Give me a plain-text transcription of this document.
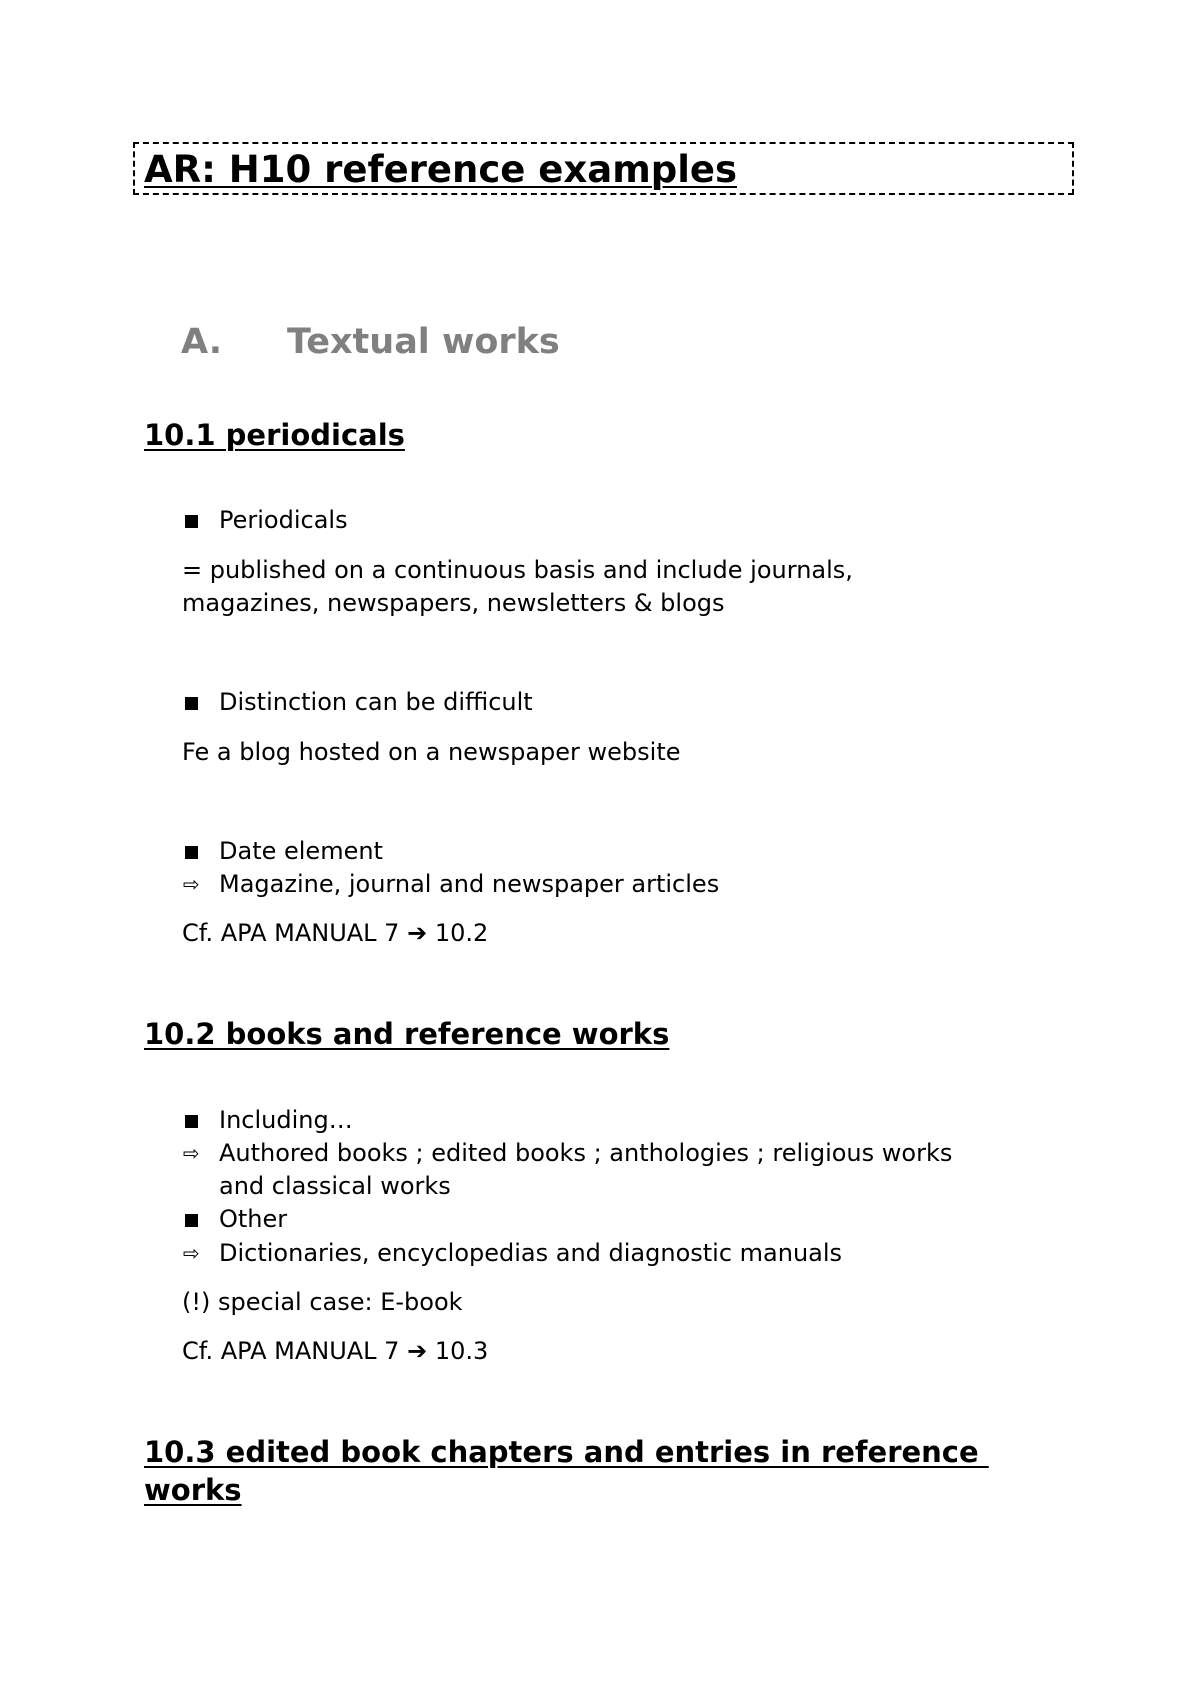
AR: H10 reference examples
A. Textual works
10.1 periodicals
Periodicals
= published on a continuous basis and include journals,
magazines, newspapers, newsletters & blogs
Distinction can be difficult
Fe a blog hosted on a newspaper website
Date element
⇨ Magazine, journal and newspaper articles
Cf. APA MANUAL 7 ➔ 10.2
10.2 books and reference works
Including…
⇨ Authored books ; edited books ; anthologies ; religious works
and classical works
Other
⇨ Dictionaries, encyclopedias and diagnostic manuals
(!) special case: E-book
Cf. APA MANUAL 7 ➔ 10.3
10.3 edited book chapters and entries in reference
works
